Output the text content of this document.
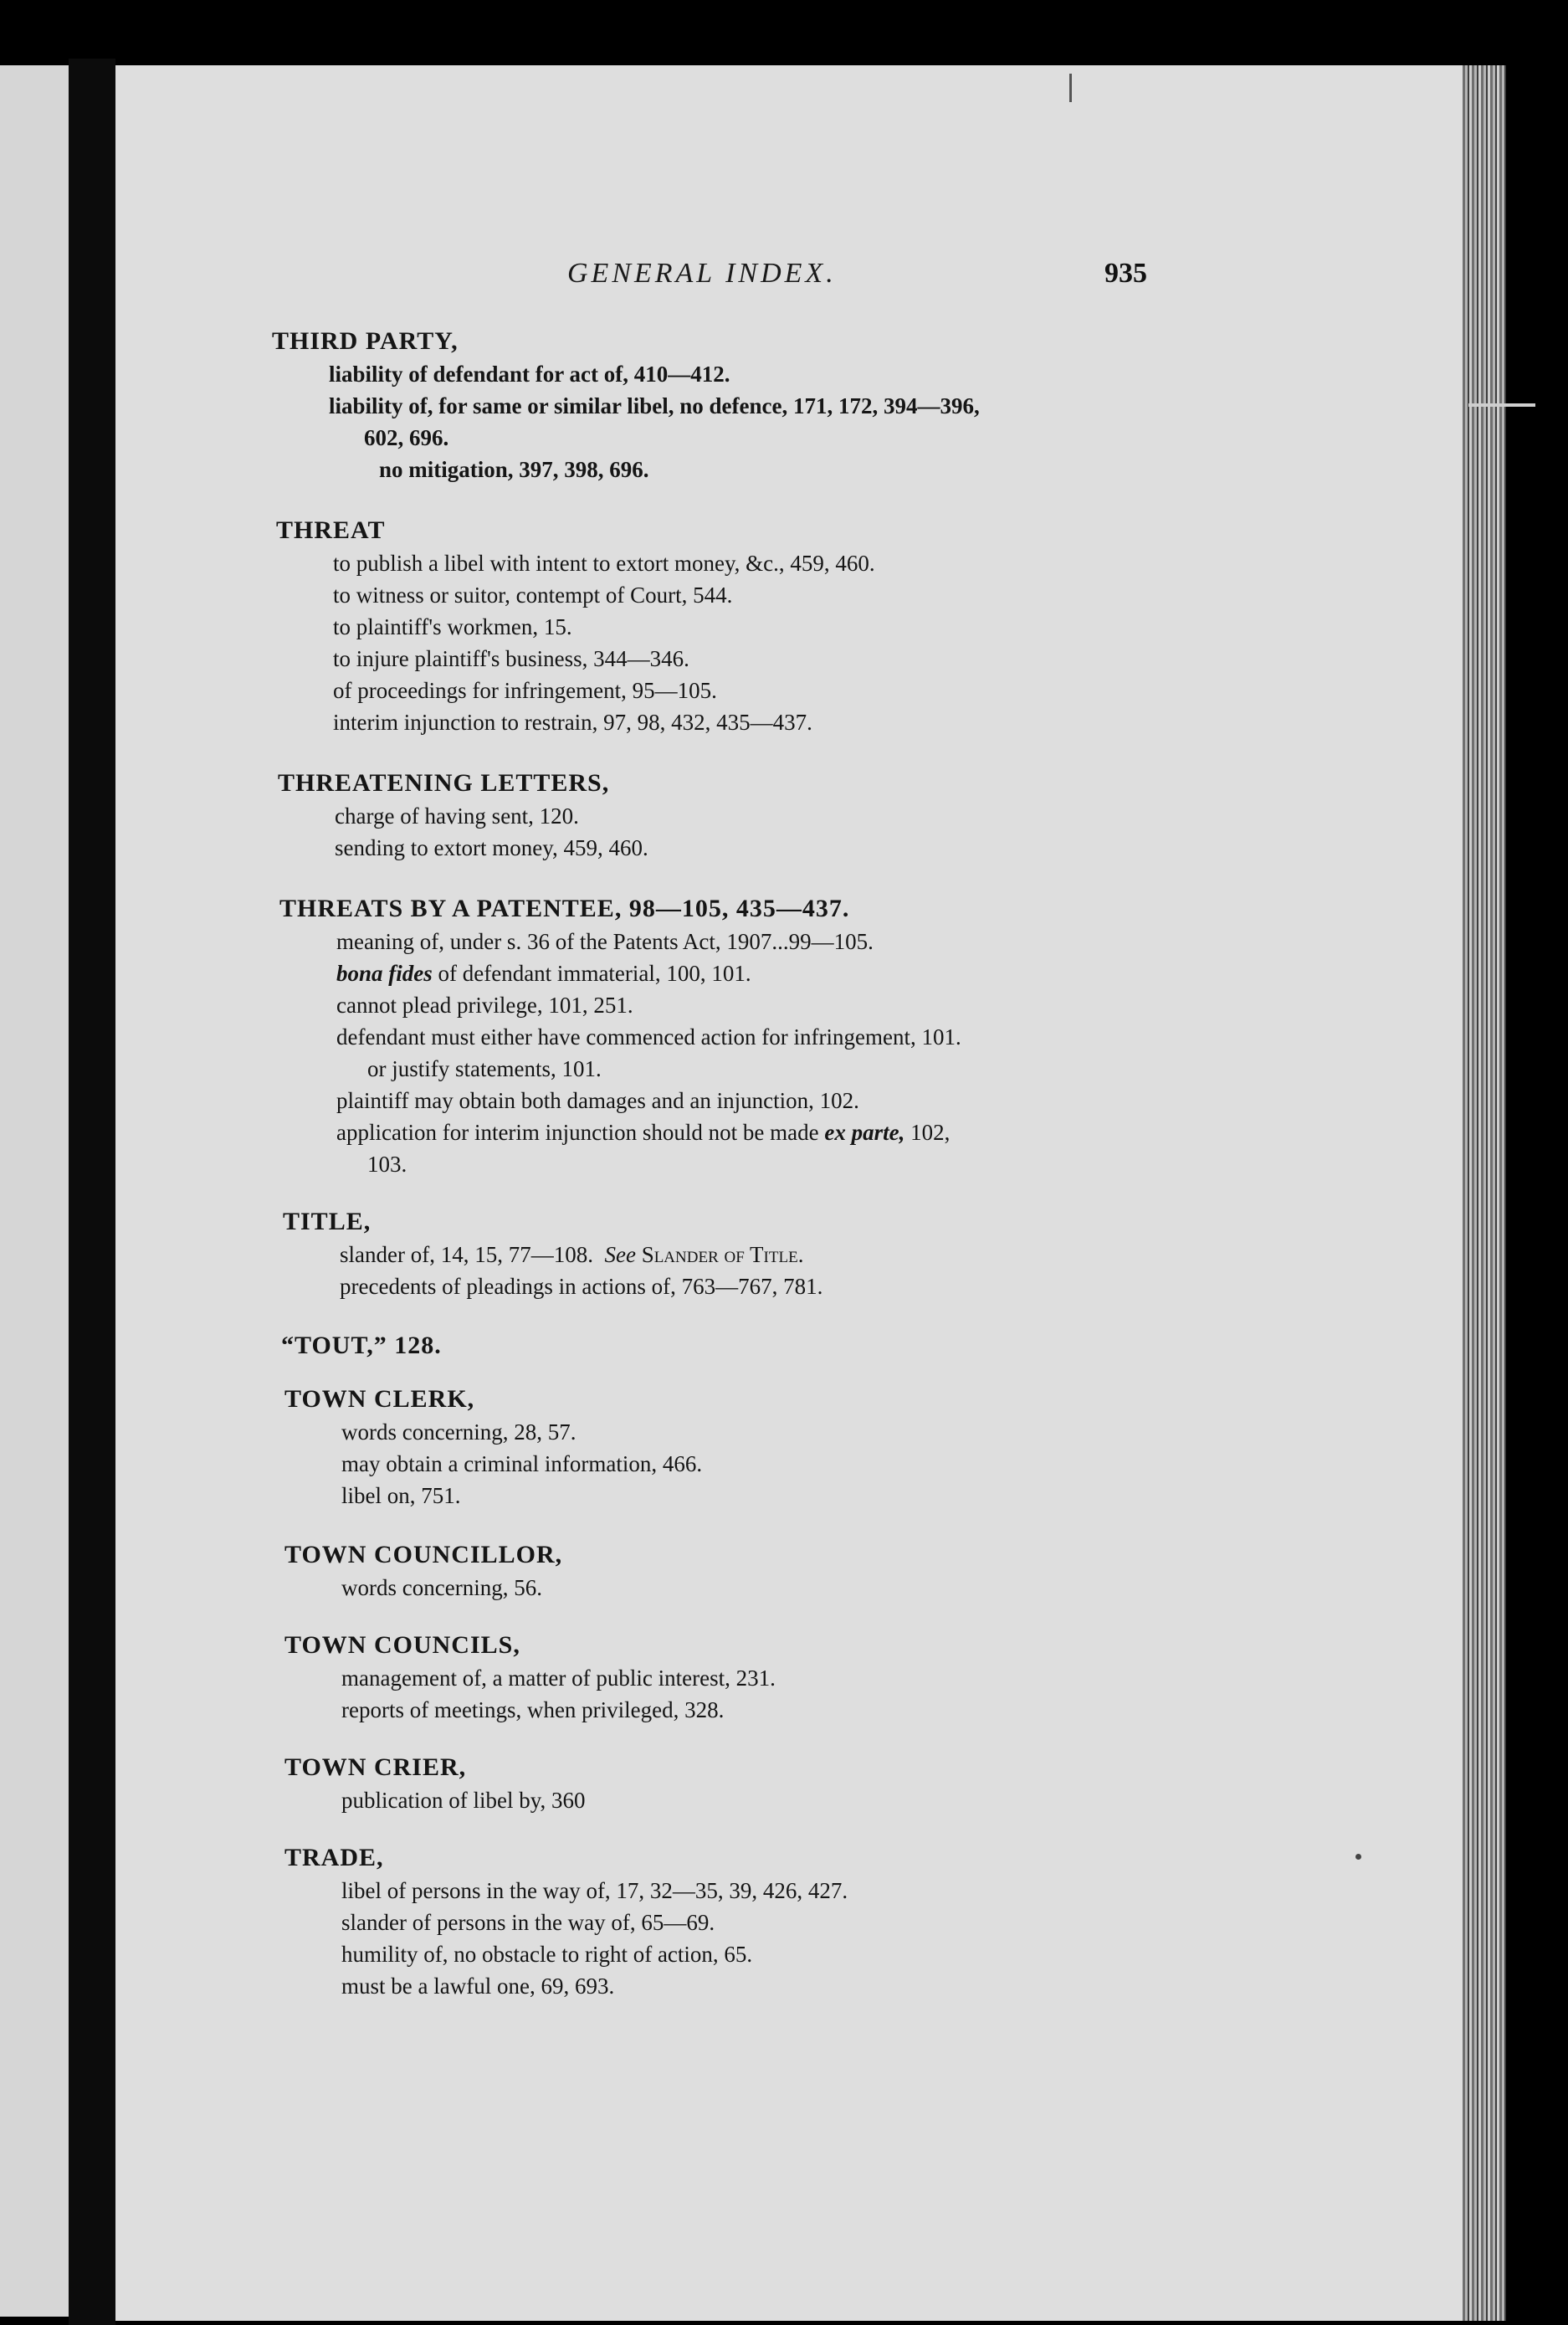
GENERAL INDEX.	935
THIRD PARTY,
liability of defendant for act of, 410—412.
liability of, for same or similar libel, no defence, 171, 172, 394—396,
602, 696.
no mitigation, 397, 398, 696.
THREAT
to publish a libel with intent to extort money, &c., 459, 460.
to witness or suitor, contempt of Court, 544.
to plaintiff's workmen, 15.
to injure plaintiff's business, 344—346.
of proceedings for infringement, 95—105.
interim injunction to restrain, 97, 98, 432, 435—437.
THREATENING LETTERS,
charge of having sent, 120.
sending to extort money, 459, 460.
THREATS BY A PATENTEE, 98—105, 435—437.
meaning of, under s. 36 of the Patents Act, 1907...99—105.
bona fides of defendant immaterial, 100, 101.
cannot plead privilege, 101, 251.
defendant must either have commenced action for infringement, 101.
or justify statements, 101.
plaintiff may obtain both damages and an injunction, 102.
application for interim injunction should not be made ex parte, 102,
103.
TITLE,
slander of, 14, 15, 77—108. See Slander of Title.
precedents of pleadings in actions of, 763—767, 781.
“TOUT,” 128.
TOWN CLERK,
words concerning, 28, 57.
may obtain a criminal information, 466.
libel on, 751.
TOWN COUNCILLOR,
words concerning, 56.
TOWN COUNCILS,
management of, a matter of public interest, 231.
reports of meetings, when privileged, 328.
TOWN CRIER,
publication of libel by, 360
TRADE,
libel of persons in the way of, 17, 32—35, 39, 426, 427.
slander of persons in the way of, 65—69.
humility of, no obstacle to right of action, 65.
must be a lawful one, 69, 693.
